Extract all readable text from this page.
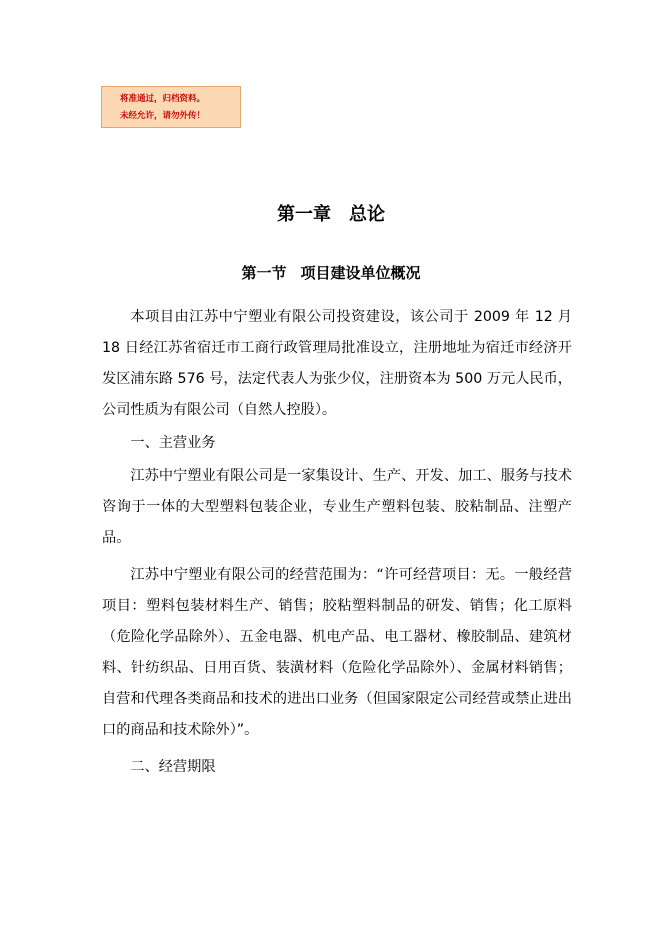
将准通过，归档资料。
未经允许，请勿外传！
第一章 总论
第一节 项目建设单位概况

本项目由江苏中宁塑业有限公司投资建设，该公司于 2009 年 12 月 18 日经江苏省宿迁市工商行政管理局批准设立，注册地址为宿迁市经济开发区浦东路 576 号，法定代表人为张少仪，注册资本为 500 万元人民币，公司性质为有限公司（自然人控股）。

一、主营业务

江苏中宁塑业有限公司是一家集设计、生产、开发、加工、服务与技术咨询于一体的大型塑料包装企业，专业生产塑料包装、胶粘制品、注塑产品。

江苏中宁塑业有限公司的经营范围为：“许可经营项目：无。一般经营项目：塑料包装材料生产、销售；胶粘塑料制品的研发、销售；化工原料（危险化学品除外）、五金电器、机电产品、电工器材、橡胶制品、建筑材料、针纺织品、日用百货、装潢材料（危险化学品除外）、金属材料销售；自营和代理各类商品和技术的进出口业务（但国家限定公司经营或禁止进出口的商品和技术除外）”。

二、经营期限
